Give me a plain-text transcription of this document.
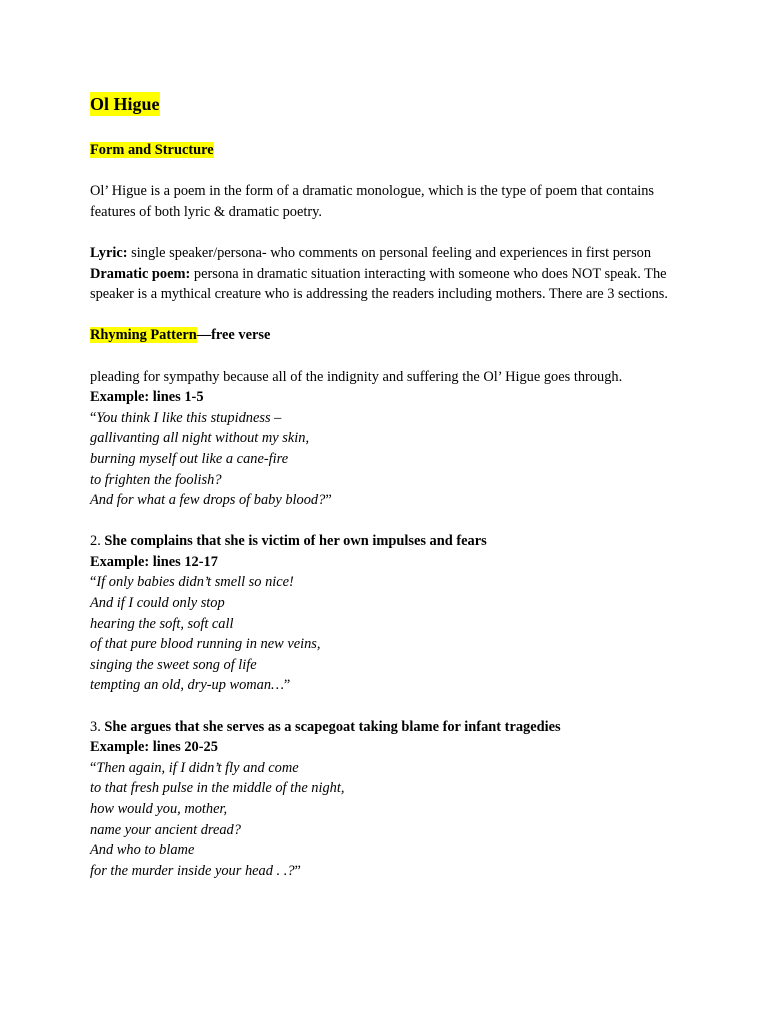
Ol Higue

Form and Structure

Ol’ Higue is a poem in the form of a dramatic monologue, which is the type of poem that contains features of both lyric & dramatic poetry.

Lyric: single speaker/persona- who comments on personal feeling and experiences in first person

Dramatic poem: persona in dramatic situation interacting with someone who does NOT speak. The speaker is a mythical creature who is addressing the readers including mothers. There are 3 sections.

Rhyming Pattern—free verse

pleading for sympathy because all of the indignity and suffering the Ol’ Higue goes through.

Example: lines 1-5

“You think I like this stupidness –

gallivanting all night without my skin,

burning myself out like a cane-fire

to frighten the foolish?

And for what a few drops of baby blood?”

2. She complains that she is victim of her own impulses and fears

Example: lines 12-17

“If only babies didn’t smell so nice!

And if I could only stop

hearing the soft, soft call

of that pure blood running in new veins,

singing the sweet song of life

tempting an old, dry-up woman…”

3. She argues that she serves as a scapegoat taking blame for infant tragedies

Example: lines 20-25

“Then again, if I didn’t fly and come

to that fresh pulse in the middle of the night,

how would you, mother,

name your ancient dread?

And who to blame

for the murder inside your head . .?”
